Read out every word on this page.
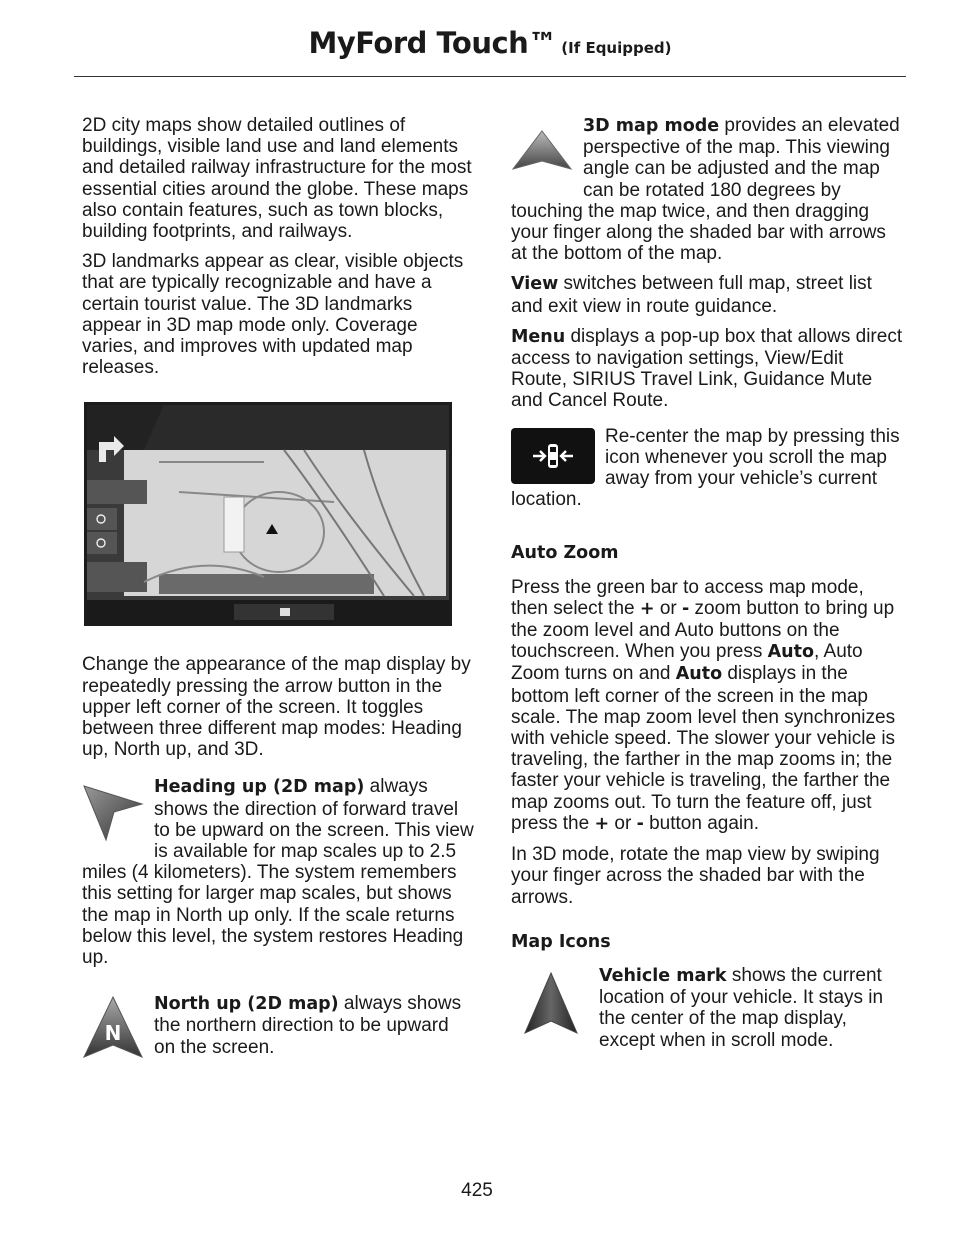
MyFord Touch™ (If Equipped)

2D city maps show detailed outlines of buildings, visible land use and land elements and detailed railway infrastructure for the most essential cities around the globe. These maps also contain features, such as town blocks, building footprints, and railways.

3D landmarks appear as clear, visible objects that are typically recognizable and have a certain tourist value. The 3D landmarks appear in 3D map mode only. Coverage varies, and improves with updated map releases.

Change the appearance of the map display by repeatedly pressing the arrow button in the upper left corner of the screen. It toggles between three different map modes: Heading up, North up, and 3D.

Heading up (2D map) always shows the direction of forward travel to be upward on the screen. This view is available for map scales up to 2.5 miles (4 kilometers). The system remembers this setting for larger map scales, but shows the map in North up only. If the scale returns below this level, the system restores Heading up.

N

North up (2D map) always shows the northern direction to be upward on the screen.

3D map mode provides an elevated perspective of the map. This viewing angle can be adjusted and the map can be rotated 180 degrees by touching the map twice, and then dragging your finger along the shaded bar with arrows at the bottom of the map.

View switches between full map, street list and exit view in route guidance.

Menu displays a pop-up box that allows direct access to navigation settings, View/Edit Route, SIRIUS Travel Link, Guidance Mute and Cancel Route.

Re-center the map by pressing this icon whenever you scroll the map away from your vehicle’s current location.

Auto Zoom

Press the green bar to access map mode, then select the + or - zoom button to bring up the zoom level and Auto buttons on the touchscreen. When you press Auto, Auto Zoom turns on and Auto displays in the bottom left corner of the screen in the map scale. The map zoom level then synchronizes with vehicle speed. The slower your vehicle is traveling, the farther in the map zooms in; the faster your vehicle is traveling, the farther the map zooms out. To turn the feature off, just press the + or - button again.

In 3D mode, rotate the map view by swiping your finger across the shaded bar with the arrows.

Map Icons

Vehicle mark shows the current location of your vehicle. It stays in the center of the map display, except when in scroll mode.

425
